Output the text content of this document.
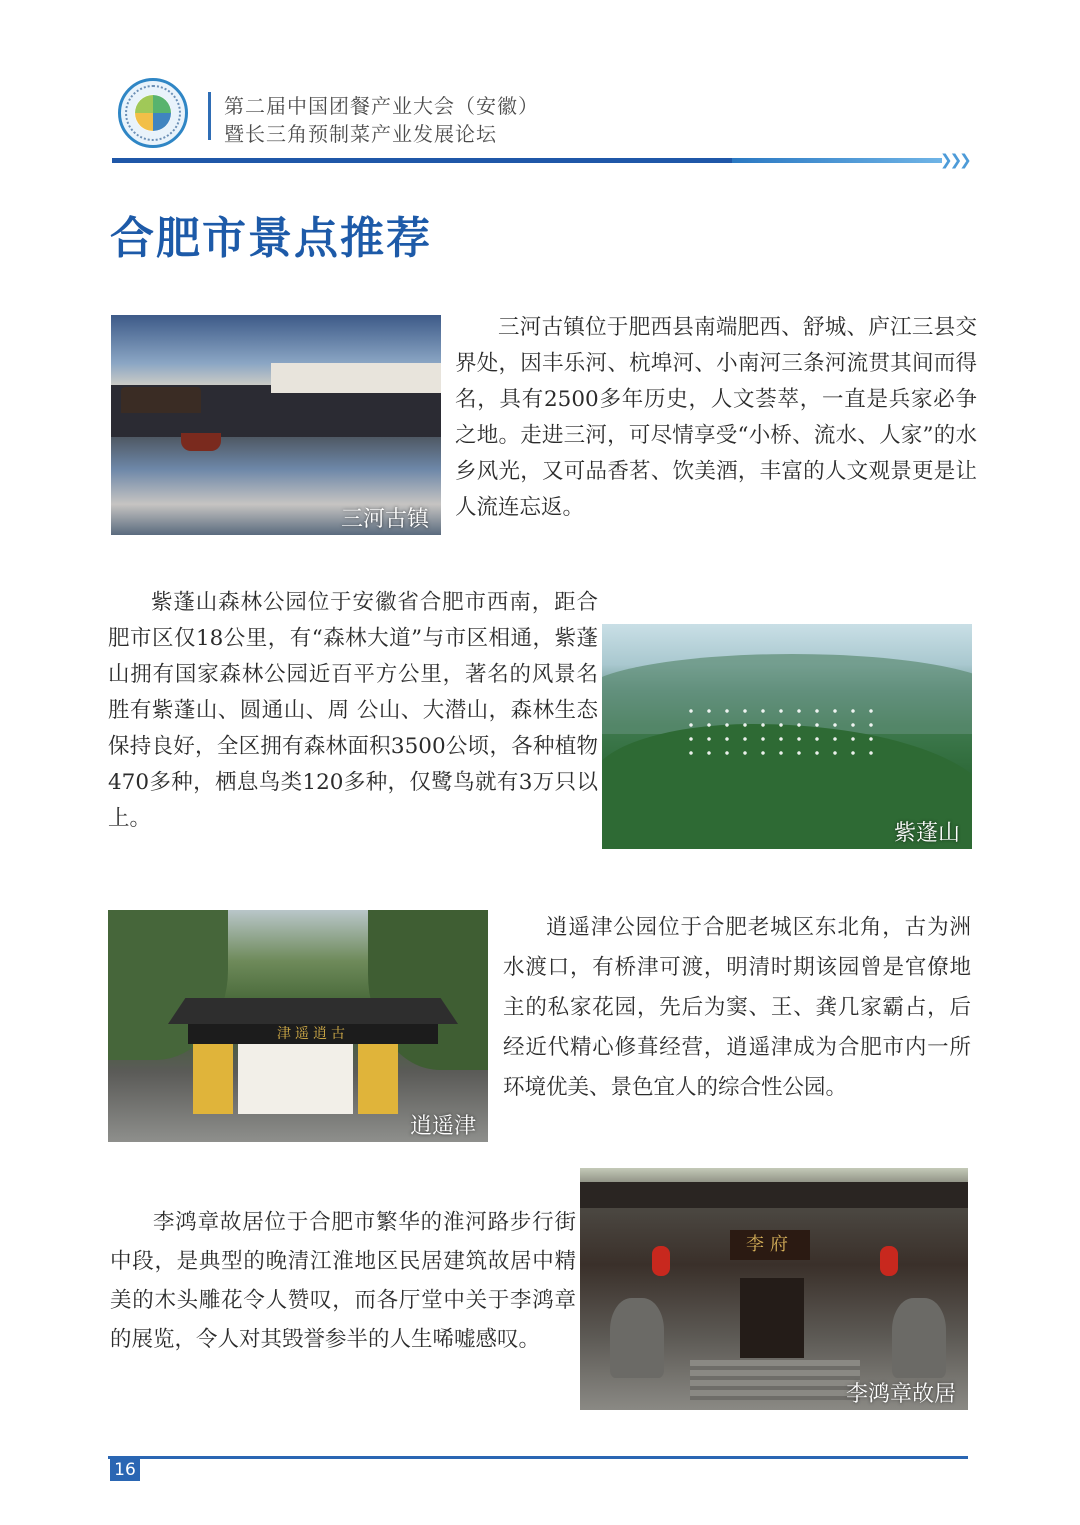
第二届中国团餐产业大会（安徽）
暨长三角预制菜产业发展论坛
❯❯❯
合肥市景点推荐
三河古镇

三河古镇位于肥西县南端肥西、舒城、庐江三县交界处，因丰乐河、杭埠河、小南河三条河流贯其间而得名，具有2500多年历史，人文荟萃，一直是兵家必争之地。走进三河，可尽情享受“小桥、流水、人家”的水乡风光，又可品香茗、饮美酒，丰富的人文观景更是让人流连忘返。

紫蓬山森林公园位于安徽省合肥市西南，距合肥市区仅18公里，有“森林大道”与市区相通，紫蓬山拥有国家森林公园近百平方公里，著名的风景名胜有紫蓬山、圆通山、周 公山、大潜山，森林生态保持良好，全区拥有森林面积3500公顷，各种植物470多种，栖息鸟类120多种，仅鹭鸟就有3万只以上。

紫蓬山
津遥逍古
逍遥津

逍遥津公园位于合肥老城区东北角，古为洲水渡口，有桥津可渡，明清时期该园曾是官僚地主的私家花园，先后为窦、王、龚几家霸占，后经近代精心修葺经营，逍遥津成为合肥市内一所环境优美、景色宜人的综合性公园。

李鸿章故居位于合肥市繁华的淮河路步行街中段，是典型的晚清江淮地区民居建筑故居中精美的木头雕花令人赞叹，而各厅堂中关于李鸿章的展览，令人对其毁誉参半的人生唏嘘感叹。

李府
李鸿章故居
16
